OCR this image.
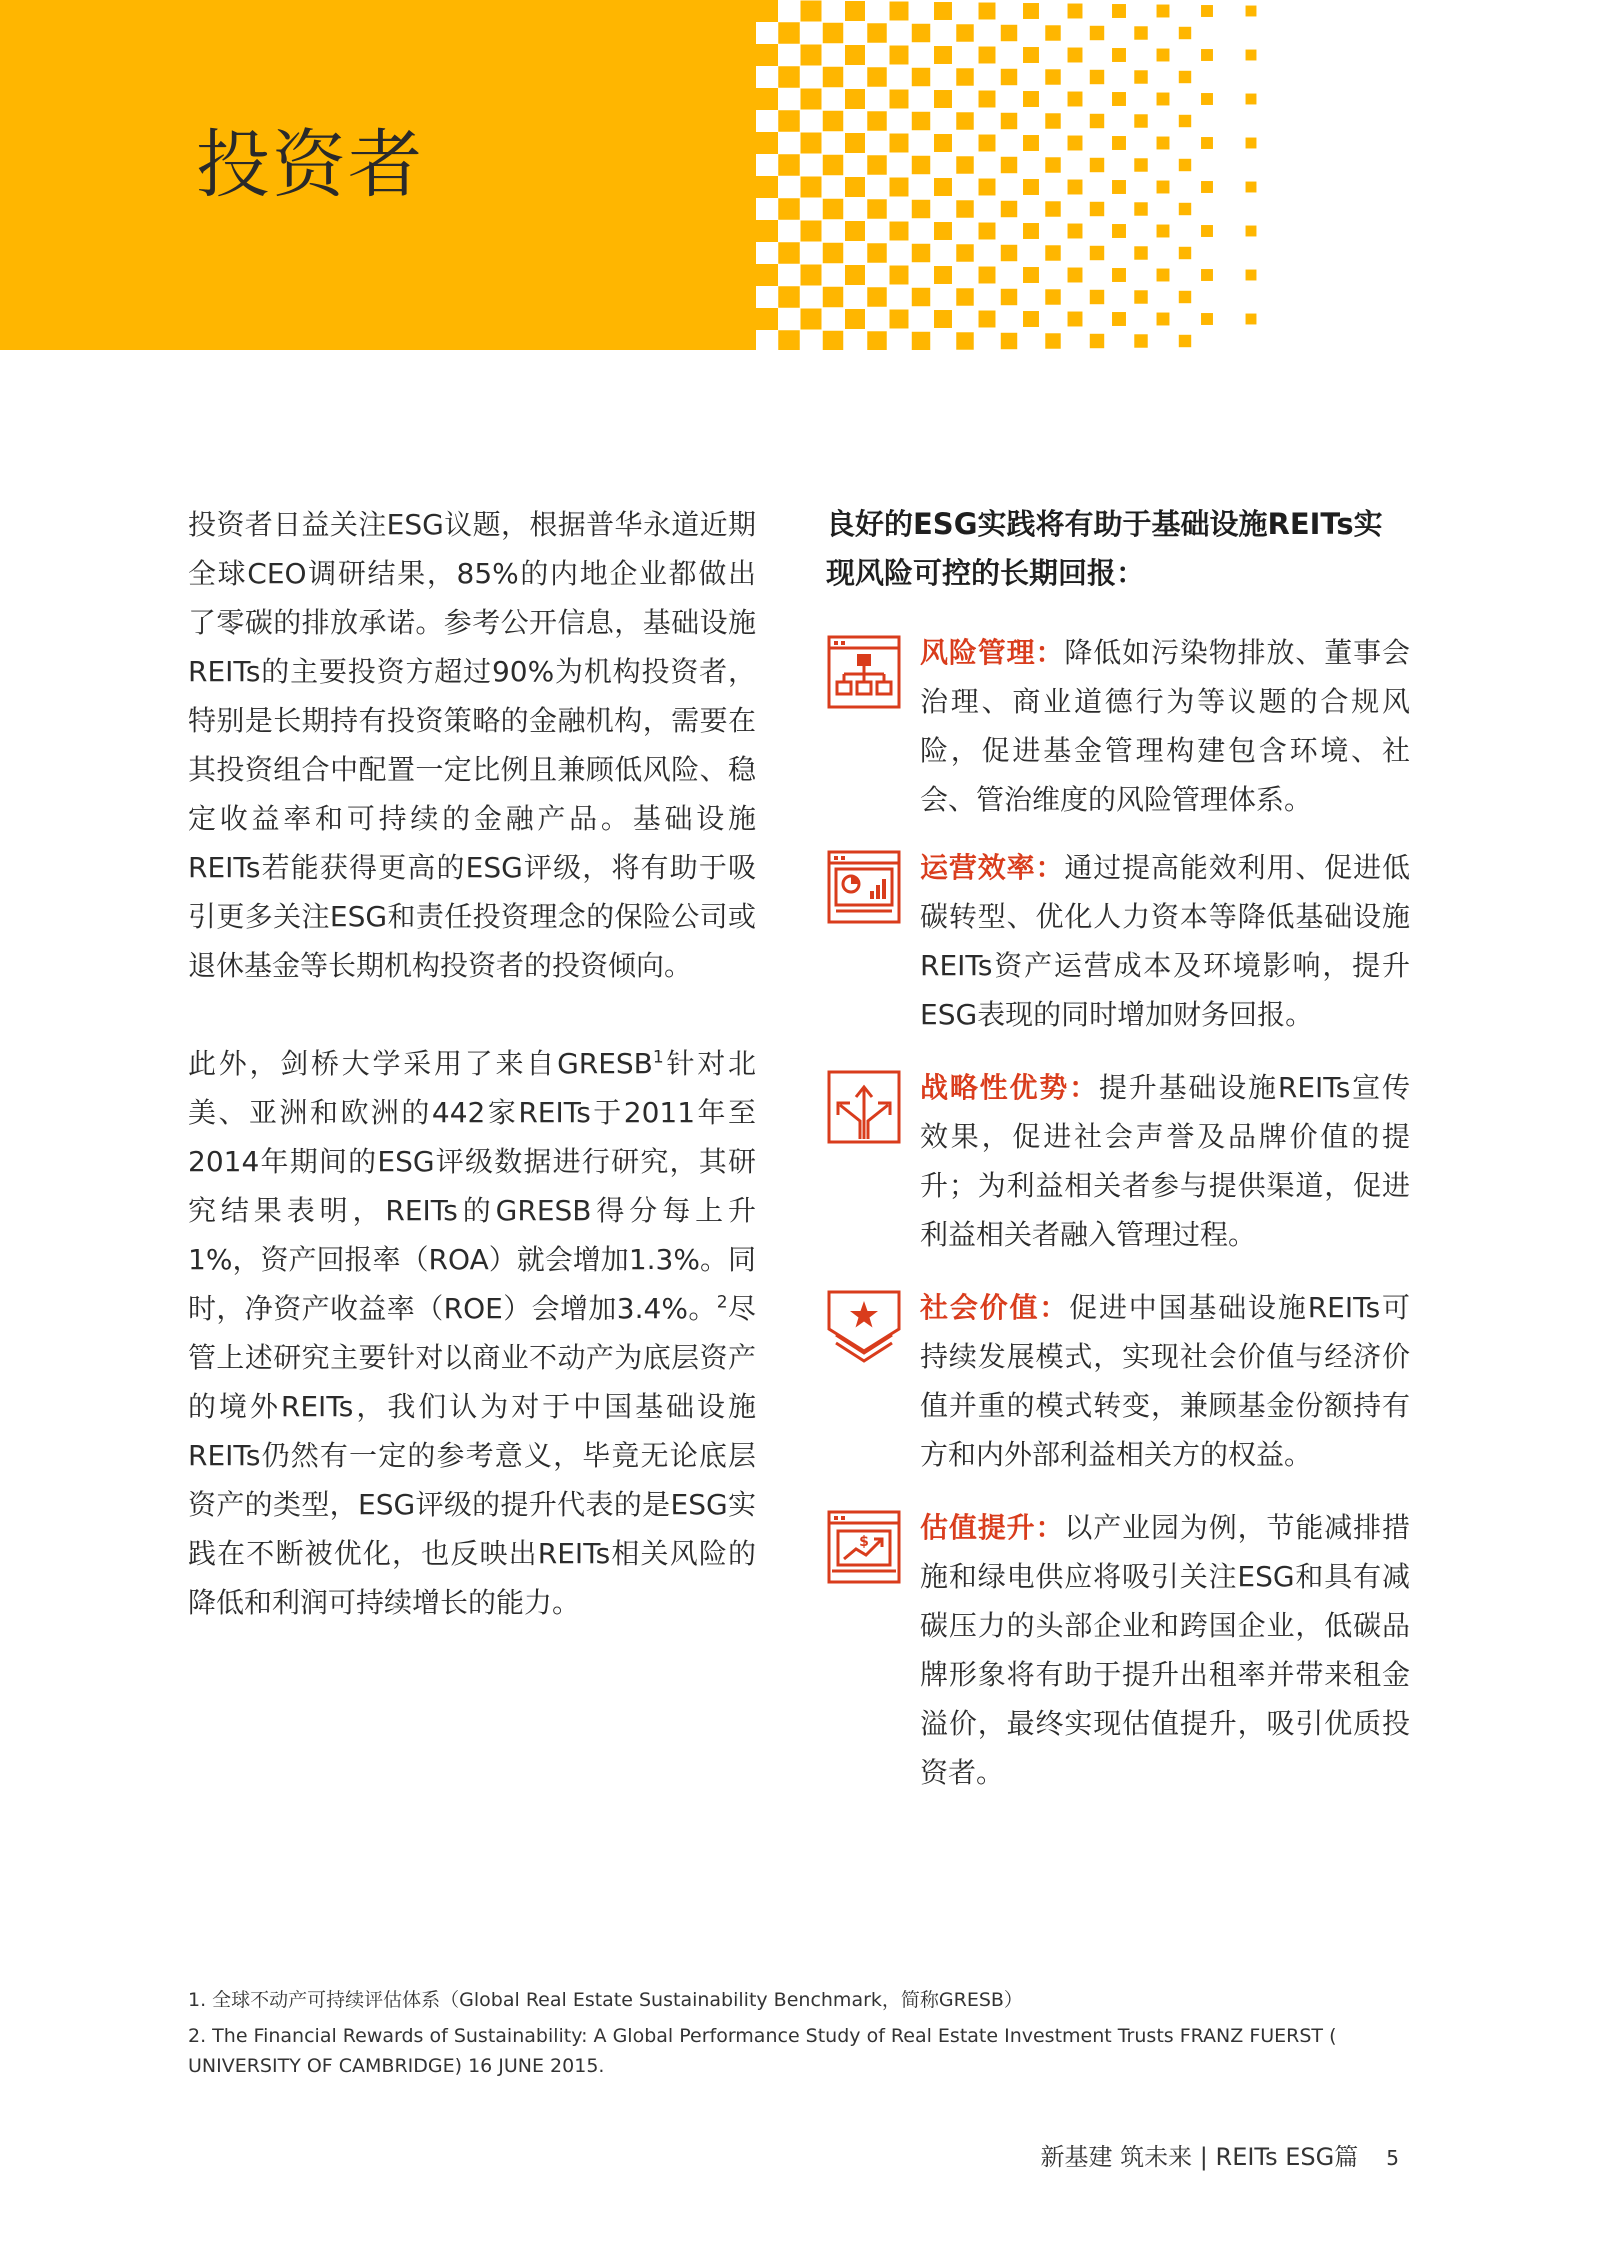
投资者

投资者日益关注ESG议题，根据普华永道近期全球CEO调研结果，85%的内地企业都做出了零碳的排放承诺。参考公开信息，基础设施REITs的主要投资方超过90%为机构投资者，特别是长期持有投资策略的金融机构，需要在其投资组合中配置一定比例且兼顾低风险、稳定收益率和可持续的金融产品。基础设施REITs若能获得更高的ESG评级，将有助于吸引更多关注ESG和责任投资理念的保险公司或退休基金等长期机构投资者的投资倾向。

此外，剑桥大学采用了来自GRESB$^1$针对北美、亚洲和欧洲的442家REITs于2011年至2014年期间的ESG评级数据进行研究，其研究结果表明，REITs的GRESB得分每上升1%，资产回报率（ROA）就会增加1.3%。同时，净资产收益率（ROE）会增加3.4%。$^2$尽管上述研究主要针对以商业不动产为底层资产的境外REITs，我们认为对于中国基础设施REITs仍然有一定的参考意义，毕竟无论底层资产的类型，ESG评级的提升代表的是ESG实践在不断被优化，也反映出REITs相关风险的降低和利润可持续增长的能力。

良好的ESG实践将有助于基础设施REITs实现风险可控的长期回报：

风险管理：降低如污染物排放、董事会治理、商业道德行为等议题的合规风险，促进基金管理构建包含环境、社会、管治维度的风险管理体系。
运营效率：通过提高能效利用、促进低碳转型、优化人力资本等降低基础设施REITs资产运营成本及环境影响，提升ESG表现的同时增加财务回报。
战略性优势：提升基础设施REITs宣传效果，促进社会声誉及品牌价值的提升；为利益相关者参与提供渠道，促进利益相关者融入管理过程。
社会价值：促进中国基础设施REITs可持续发展模式，实现社会价值与经济价值并重的模式转变，兼顾基金份额持有方和内外部利益相关方的权益。
$ 估值提升：以产业园为例，节能减排措施和绿电供应将吸引关注ESG和具有减碳压力的头部企业和跨国企业，低碳品牌形象将有助于提升出租率并带来租金溢价，最终实现估值提升，吸引优质投资者。
1. 全球不动产可持续评估体系（Global Real Estate Sustainability Benchmark，简称GRESB）
2. The Financial Rewards of Sustainability: A Global Performance Study of Real Estate Investment Trusts FRANZ FUERST ( UNIVERSITY OF CAMBRIDGE) 16 JUNE 2015.
新基建 筑未来 | REITs ESG篇 5
